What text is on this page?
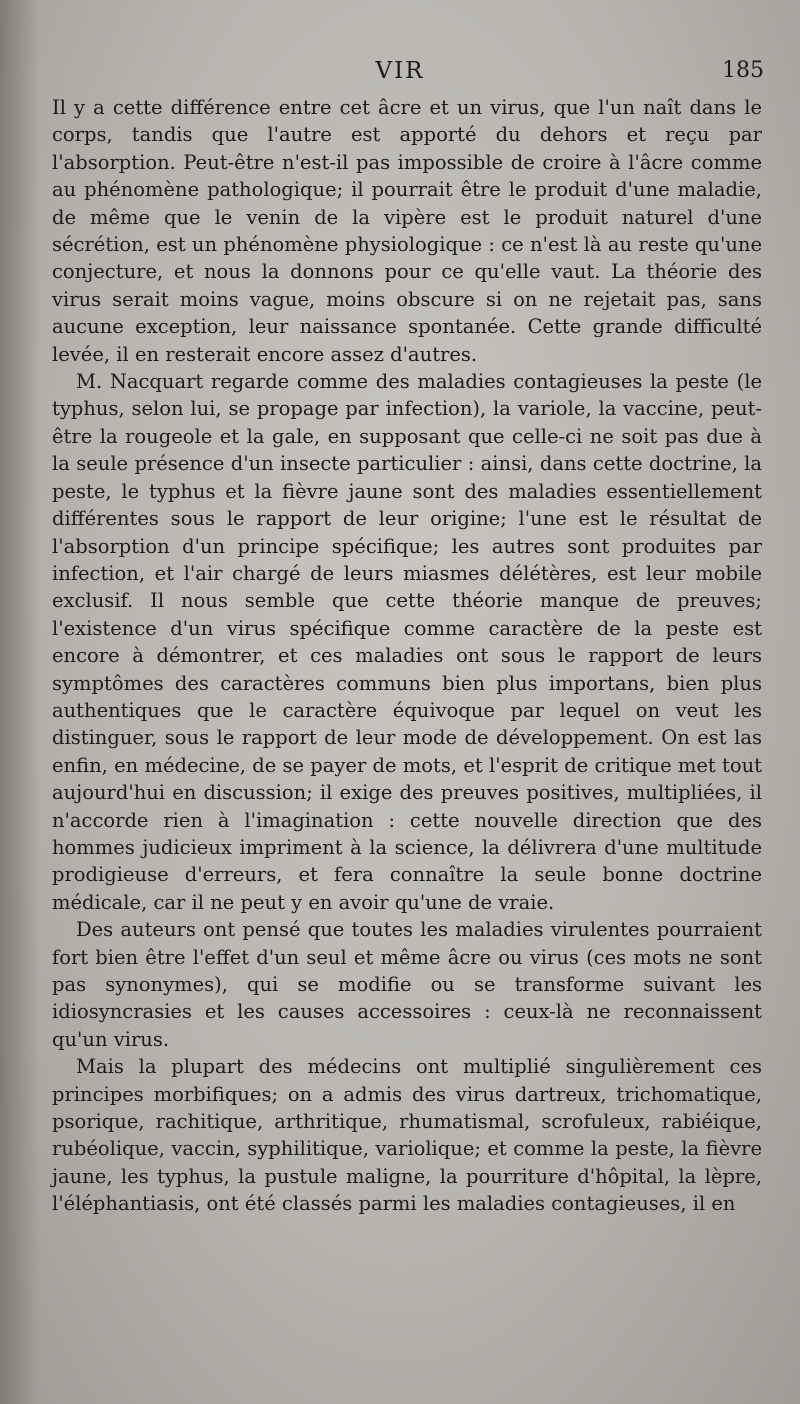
VIR	185

Il y a cette différence entre cet âcre et un virus, que l'un naît dans le corps, tandis que l'autre est apporté du dehors et reçu par l'absorption. Peut-être n'est-il pas impossible de croire à l'âcre comme au phénomène pathologique; il pourrait être le produit d'une maladie, de même que le venin de la vipère est le produit naturel d'une sécrétion, est un phénomène physiologique : ce n'est là au reste qu'une conjecture, et nous la donnons pour ce qu'elle vaut. La théorie des virus serait moins vague, moins obscure si on ne rejetait pas, sans aucune exception, leur naissance spontanée. Cette grande difficulté levée, il en resterait encore assez d'autres.

M. Nacquart regarde comme des maladies contagieuses la peste (le typhus, selon lui, se propage par infection), la variole, la vaccine, peut-être la rougeole et la gale, en supposant que celle-ci ne soit pas due à la seule présence d'un insecte particulier : ainsi, dans cette doctrine, la peste, le typhus et la fièvre jaune sont des maladies essentiellement différentes sous le rapport de leur origine; l'une est le résultat de l'absorption d'un principe spécifique; les autres sont produites par infection, et l'air chargé de leurs miasmes délétères, est leur mobile exclusif. Il nous semble que cette théorie manque de preuves; l'existence d'un virus spécifique comme caractère de la peste est encore à démontrer, et ces maladies ont sous le rapport de leurs symptômes des caractères communs bien plus importans, bien plus authentiques que le caractère équivoque par lequel on veut les distinguer, sous le rapport de leur mode de développement. On est las enfin, en médecine, de se payer de mots, et l'esprit de critique met tout aujourd'hui en discussion; il exige des preuves positives, multipliées, il n'accorde rien à l'imagination : cette nouvelle direction que des hommes judicieux impriment à la science, la délivrera d'une multitude prodigieuse d'erreurs, et fera connaître la seule bonne doctrine médicale, car il ne peut y en avoir qu'une de vraie.

Des auteurs ont pensé que toutes les maladies virulentes pourraient fort bien être l'effet d'un seul et même âcre ou virus (ces mots ne sont pas synonymes), qui se modifie ou se transforme suivant les idiosyncrasies et les causes accessoires : ceux-là ne reconnaissent qu'un virus.

Mais la plupart des médecins ont multiplié singulièrement ces principes morbifiques; on a admis des virus dartreux, trichomatique, psorique, rachitique, arthritique, rhumatismal, scrofuleux, rabiéique, rubéolique, vaccin, syphilitique, variolique; et comme la peste, la fièvre jaune, les typhus, la pustule maligne, la pourriture d'hôpital, la lèpre, l'éléphantiasis, ont été classés parmi les maladies contagieuses, il en
